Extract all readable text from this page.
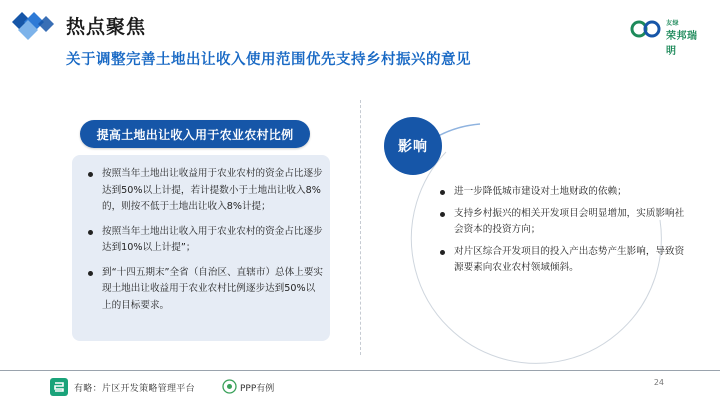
热点聚焦
关于调整完善土地出让收入使用范围优先支持乡村振兴的意见
友绿
荣邦瑞明
提高土地出让收入用于农业农村比例
按照当年土地出让收益用于农业农村的资金占比逐步达到50%以上计提，若计提数小于土地出让收入8%的，则按不低于土地出让收入8%计提；
按照当年土地出让收入用于农业农村的资金占比逐步达到10%以上计提”；
到“十四五期末”全省（自治区、直辖市）总体上要实现土地出让收益用于农业农村比例逐步达到50%以上的目标要求。
影响
进一步降低城市建设对土地财政的依赖；
支持乡村振兴的相关开发项目会明显增加，实质影响社会资本的投资方向；
对片区综合开发项目的投入产出态势产生影响，导致资源要素向农业农村领域倾斜。
有略：片区开发策略管理平台	PPP有例
24
